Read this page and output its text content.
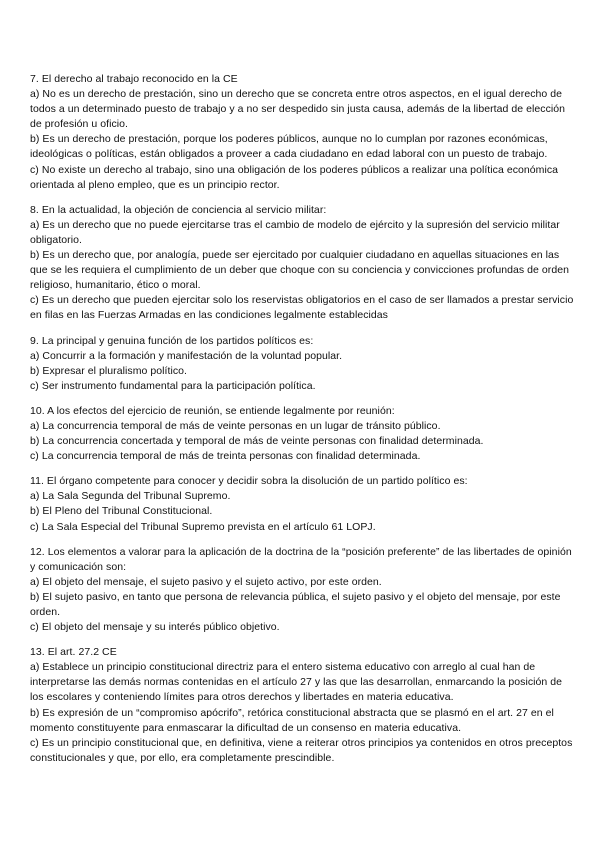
7. El derecho al trabajo reconocido en la CE
a) No es un derecho de prestación, sino un derecho que se concreta entre otros aspectos, en el igual derecho de todos a un determinado puesto de trabajo y a no ser despedido sin justa causa, además de la libertad de elección de profesión u oficio.
b) Es un derecho de prestación, porque los poderes públicos, aunque no lo cumplan por razones económicas, ideológicas o políticas, están obligados a proveer a cada ciudadano en edad laboral con un puesto de trabajo.
c) No existe un derecho al trabajo, sino una obligación de los poderes públicos a realizar una política económica orientada al pleno empleo, que es un principio rector.
8. En la actualidad, la objeción de conciencia al servicio militar:
a) Es un derecho que no puede ejercitarse tras el cambio de modelo de ejército y la supresión del servicio militar obligatorio.
b) Es un derecho que, por analogía, puede ser ejercitado por cualquier ciudadano en aquellas situaciones en las que se les requiera el cumplimiento de un deber que choque con su conciencia y convicciones profundas de orden religioso, humanitario, ético o moral.
c) Es un derecho que pueden ejercitar solo los reservistas obligatorios en el caso de ser llamados a prestar servicio en filas en las Fuerzas Armadas en las condiciones legalmente establecidas
9. La principal y genuina función de los partidos políticos es:
a) Concurrir a la formación y manifestación de la voluntad popular.
b) Expresar el pluralismo político.
c) Ser instrumento fundamental para la participación política.
10. A los efectos del ejercicio de reunión, se entiende legalmente por reunión:
a) La concurrencia temporal de más de veinte personas en un lugar de tránsito público.
b) La concurrencia concertada y temporal de más de veinte personas con finalidad determinada.
c) La concurrencia temporal de más de treinta personas con finalidad determinada.
11. El órgano competente para conocer y decidir sobra la disolución de un partido político es:
a) La Sala Segunda del Tribunal Supremo.
b) El Pleno del Tribunal Constitucional.
c) La Sala Especial del Tribunal Supremo prevista en el artículo 61 LOPJ.
12. Los elementos a valorar para la aplicación de la doctrina de la “posición preferente” de las libertades de opinión y comunicación son:
a) El objeto del mensaje, el sujeto pasivo y el sujeto activo, por este orden.
b) El sujeto pasivo, en tanto que persona de relevancia pública, el sujeto pasivo y el objeto del mensaje, por este orden.
c) El objeto del mensaje y su interés público objetivo.
13. El art. 27.2 CE
a) Establece un principio constitucional directriz para el entero sistema educativo con arreglo al cual han de interpretarse las demás normas contenidas en el artículo 27 y las que las desarrollan, enmarcando la posición de los escolares y conteniendo límites para otros derechos y libertades en materia educativa.
b) Es expresión de un “compromiso apócrifo”, retórica constitucional abstracta que se plasmó en el art. 27 en el momento constituyente para enmascarar la dificultad de un consenso en materia educativa.
c) Es un principio constitucional que, en definitiva, viene a reiterar otros principios ya contenidos en otros preceptos constitucionales y que, por ello, era completamente prescindible.
